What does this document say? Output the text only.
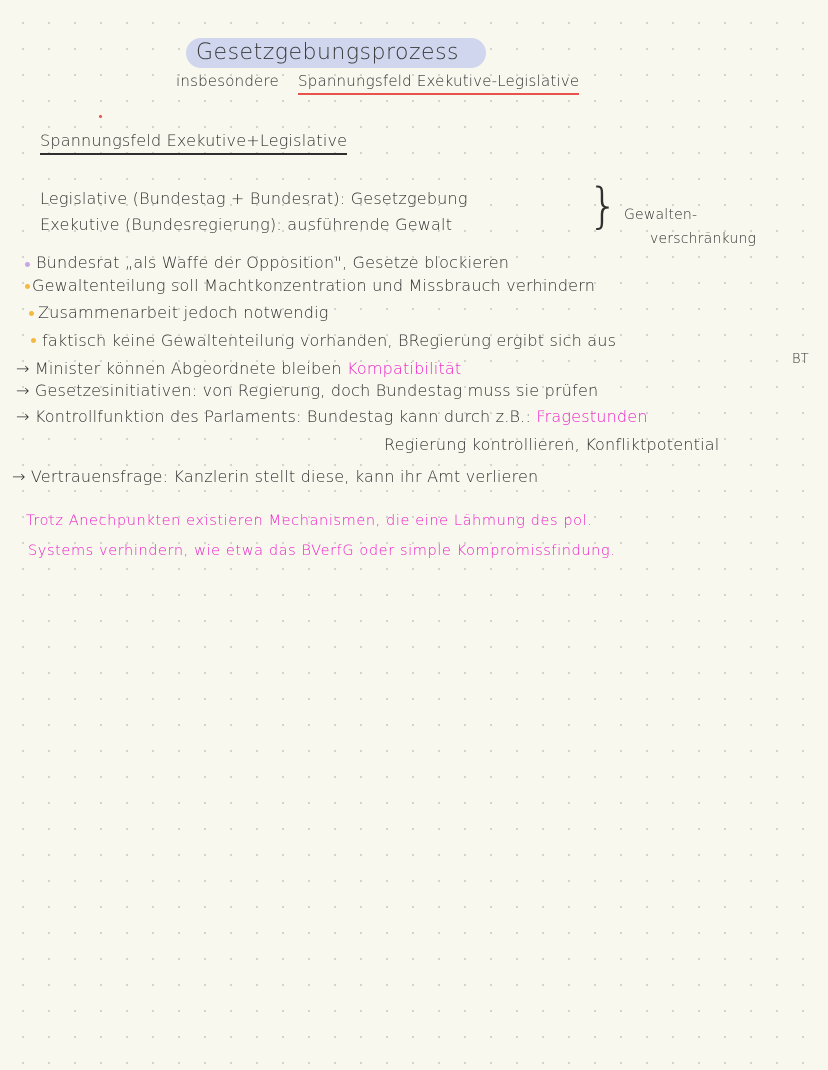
Gesetzgebungsprozess
insbesondere Spannungsfeld Exekutive-Legislative
Spannungsfeld Exekutive+Legislative
Legislative (Bundestag + Bundesrat): Gesetzgebung
Exekutive (Bundesregierung): ausführende Gewalt	} Gewalten-
verschränkung
Bundesrat „als Waffe der Opposition", Gesetze blockieren
Gewaltenteilung soll Machtkonzentration und Missbrauch verhindern
Zusammenarbeit jedoch notwendig
faktisch keine Gewaltenteilung vorhanden, BRegierung ergibt sich aus
BT
→ Minister können Abgeordnete bleiben Kompatibilität
→ Gesetzesinitiativen: von Regierung, doch Bundestag muss sie prüfen
→ Kontrollfunktion des Parlaments: Bundestag kann durch z.B.: Fragestunden
Regierung kontrollieren, Konfliktpotential
→ Vertrauensfrage: Kanzlerin stellt diese, kann ihr Amt verlieren
Trotz Anechpunkten existieren Mechanismen, die eine Lähmung des pol.
Systems verhindern, wie etwa das BVerfG oder simple Kompromissfindung.
